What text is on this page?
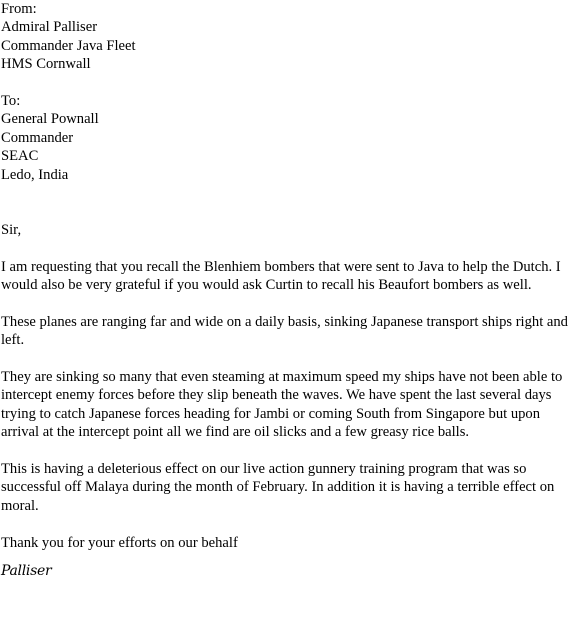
From:
Admiral Palliser
Commander Java Fleet
HMS Cornwall
To:
General Pownall
Commander
SEAC
Ledo, India

Sir,

I am requesting that you recall the Blenhiem bombers that were sent to Java to help the Dutch. I would also be very grateful if you would ask Curtin to recall his Beaufort bombers as well.

These planes are ranging far and wide on a daily basis, sinking Japanese transport ships right and left.

They are sinking so many that even steaming at maximum speed my ships have not been able to intercept enemy forces before they slip beneath the waves. We have spent the last several days trying to catch Japanese forces heading for Jambi or coming South from Singapore but upon arrival at the intercept point all we find are oil slicks and a few greasy rice balls.

This is having a deleterious effect on our live action gunnery training program that was so successful off Malaya during the month of February. In addition it is having a terrible effect on moral.

Thank you for your efforts on our behalf

Palliser
